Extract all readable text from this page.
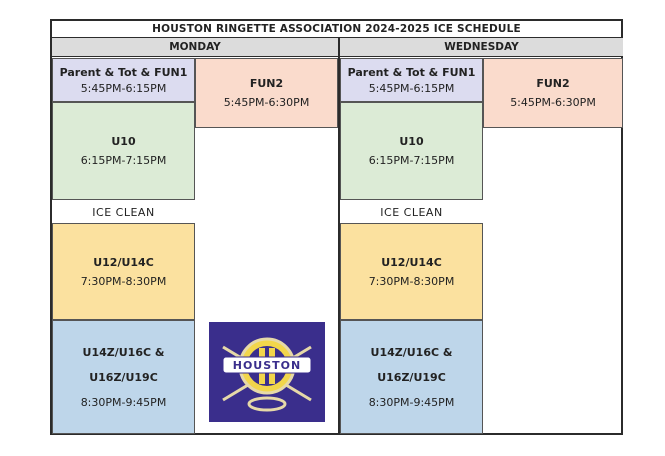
HOUSTON RINGETTE ASSOCIATION 2024-2025 ICE SCHEDULE
MONDAY	WEDNESDAY
Parent & Tot & FUN1
5:45PM-6:15PM	FUN2
5:45PM-6:30PM
U10
6:15PM-7:15PM
ICE CLEAN
U12/U14C
7:30PM-8:30PM
U14Z/U16C &
U16Z/U19C
8:30PM-9:45PM
HOUSTON
Parent & Tot & FUN1
5:45PM-6:15PM	FUN2
5:45PM-6:30PM
U10
6:15PM-7:15PM
ICE CLEAN
U12/U14C
7:30PM-8:30PM
U14Z/U16C &
U16Z/U19C
8:30PM-9:45PM
